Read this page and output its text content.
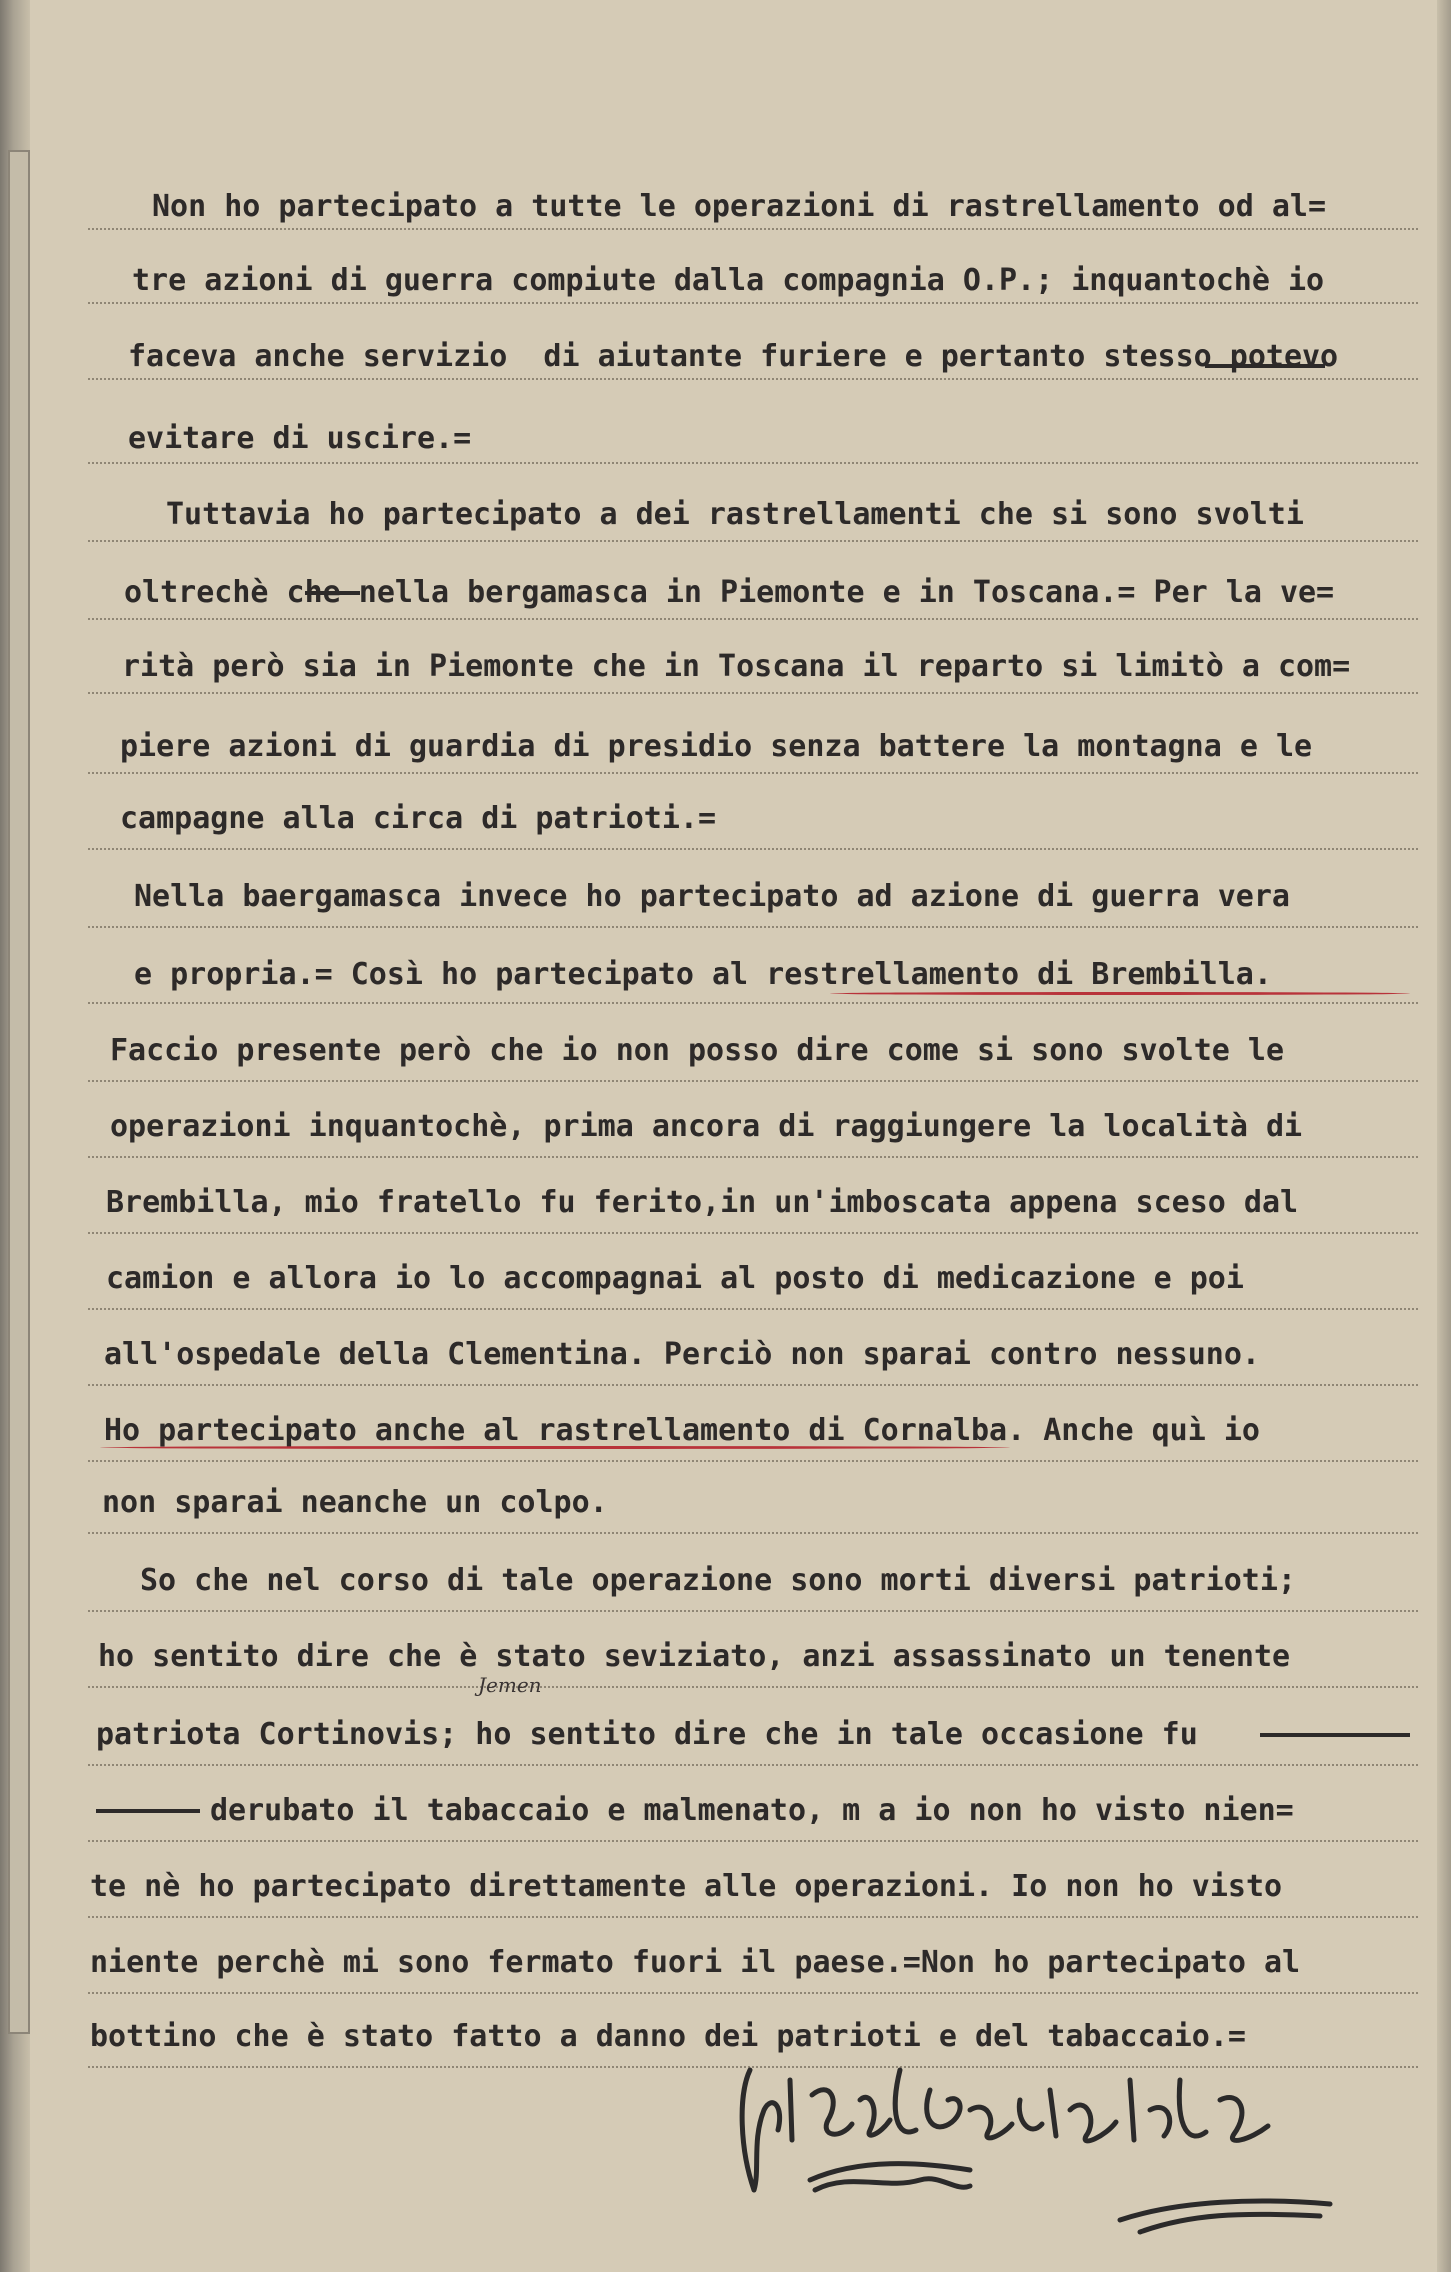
Non ho partecipato a tutte le operazioni di rastrellamento od al=
tre azioni di guerra compiute dalla compagnia O.P.; inquantochè io
faceva anche servizio  di aiutante furiere e pertanto stesso potevo
evitare di uscire.=
Tuttavia ho partecipato a dei rastrellamenti che si sono svolti
oltrechè che nella bergamasca in Piemonte e in Toscana.= Per la ve=
rità però sia in Piemonte che in Toscana il reparto si limitò a com=
piere azioni di guardia di presidio senza battere la montagna e le
campagne alla circa di patrioti.=
Nella baergamasca invece ho partecipato ad azione di guerra vera
e propria.= Così ho partecipato al restrellamento di Brembilla.
Faccio presente però che io non posso dire come si sono svolte le
operazioni inquantochè, prima ancora di raggiungere la località di
Brembilla, mio fratello fu ferito,in un'imboscata appena sceso dal
camion e allora io lo accompagnai al posto di medicazione e poi
all'ospedale della Clementina. Perciò non sparai contro nessuno.
Ho partecipato anche al rastrellamento di Cornalba. Anche quì io
non sparai neanche un colpo.
So che nel corso di tale operazione sono morti diversi patrioti;
ho sentito dire che è stato seviziato, anzi assassinato un tenente
patriota Cortinovis; ho sentito dire che in tale occasione fu
derubato il tabaccaio e malmenato, m a io non ho visto nien=
te nè ho partecipato direttamente alle operazioni. Io non ho visto
niente perchè mi sono fermato fuori il paese.=Non ho partecipato al
bottino che è stato fatto a danno dei patrioti e del tabaccaio.=
Jemen
